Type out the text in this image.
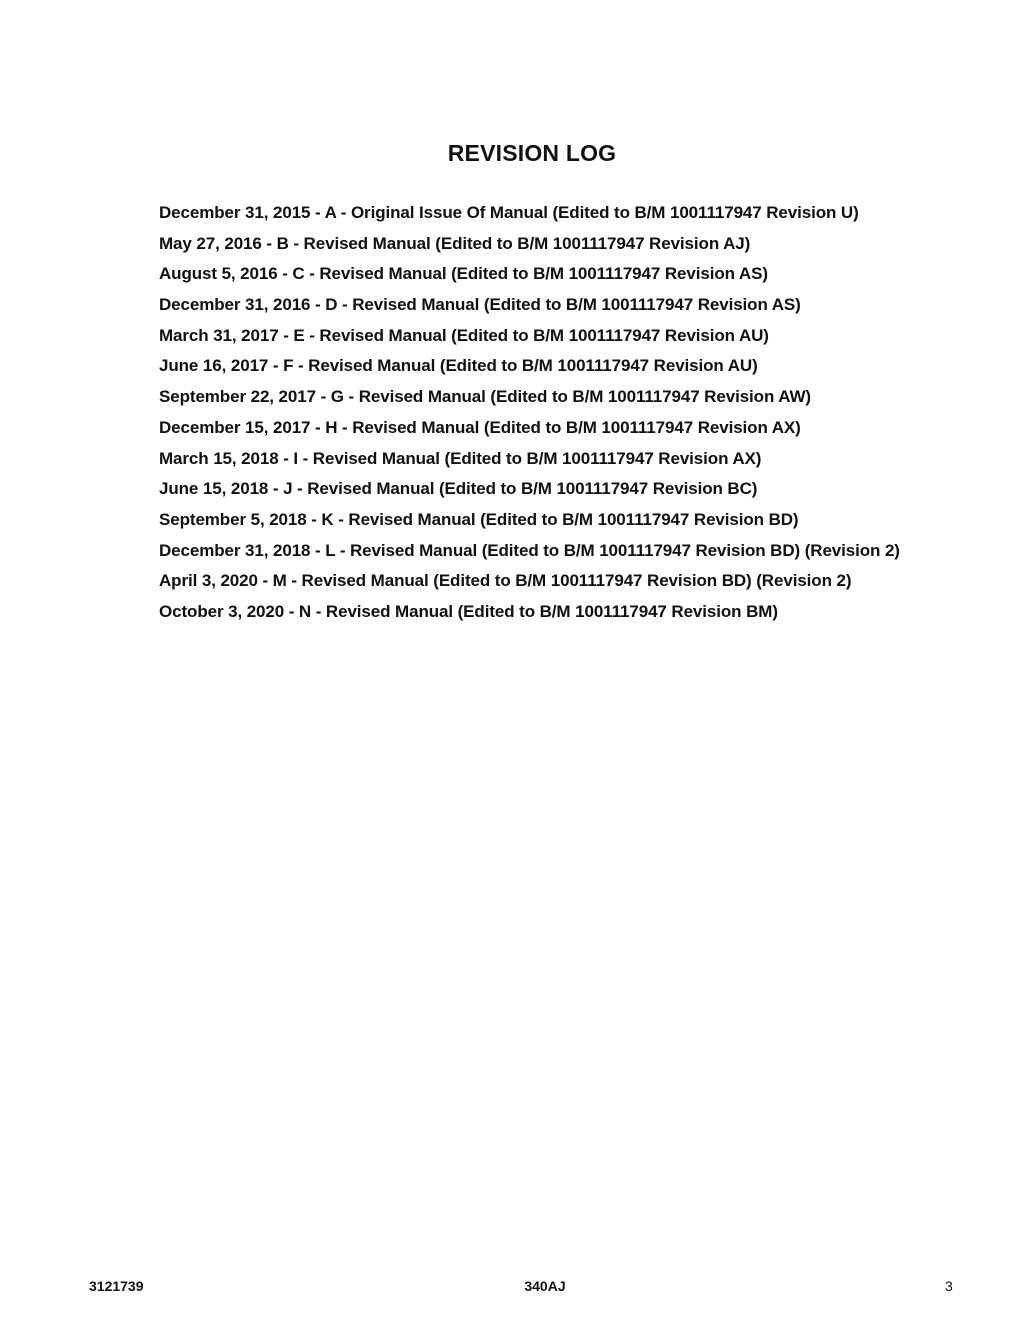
REVISION LOG
December 31, 2015 - A - Original Issue Of Manual (Edited to B/M 1001117947 Revision U)
May 27, 2016 - B - Revised Manual (Edited to B/M 1001117947 Revision AJ)
August 5, 2016 - C - Revised Manual (Edited to B/M 1001117947 Revision AS)
December 31, 2016 - D - Revised Manual (Edited to B/M 1001117947 Revision AS)
March 31, 2017 - E - Revised Manual (Edited to B/M 1001117947 Revision AU)
June 16, 2017 - F - Revised Manual (Edited to B/M 1001117947 Revision AU)
September 22, 2017 - G - Revised Manual (Edited to B/M 1001117947 Revision AW)
December 15, 2017 - H - Revised Manual (Edited to B/M 1001117947 Revision AX)
March 15, 2018 - I - Revised Manual (Edited to B/M 1001117947 Revision AX)
June 15, 2018 - J - Revised Manual (Edited to B/M 1001117947 Revision BC)
September 5, 2018 - K - Revised Manual (Edited to B/M 1001117947 Revision BD)
December 31, 2018 - L - Revised Manual (Edited to B/M 1001117947 Revision BD) (Revision 2)
April 3, 2020 - M - Revised Manual (Edited to B/M 1001117947 Revision BD) (Revision 2)
October 3, 2020 - N - Revised Manual (Edited to B/M 1001117947 Revision BM)
3121739	340AJ	3
